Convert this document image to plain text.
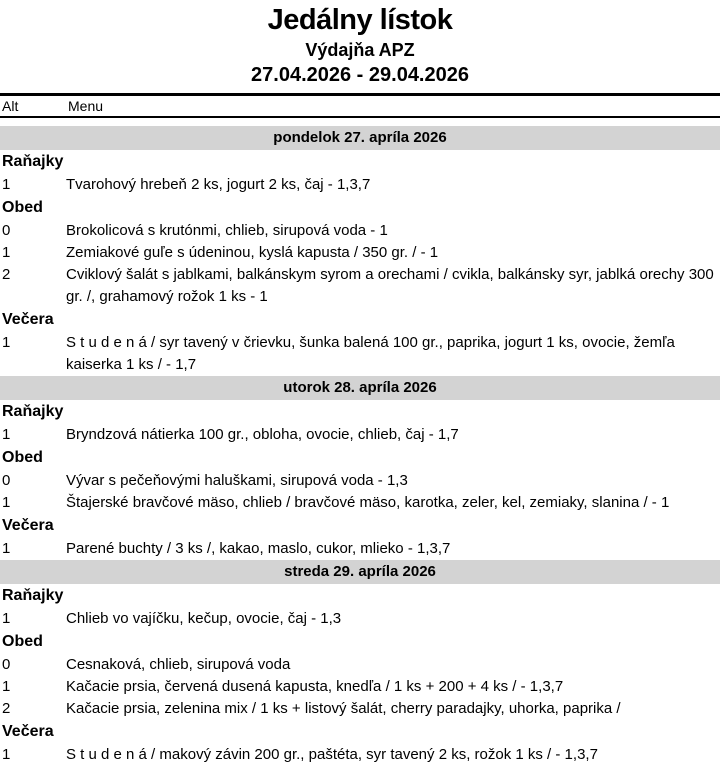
Jedálny lístok
Výdajňa APZ
27.04.2026 - 29.04.2026
Alt	Menu
pondelok 27. apríla 2026
Raňajky
1	Tvarohový hrebeň 2 ks, jogurt 2 ks, čaj - 1,3,7
Obed
0	Brokolicová s krutónmi, chlieb, sirupová voda - 1
1	Zemiakové guľe s údeninou, kyslá kapusta / 350 gr. / - 1
2	Cviklový šalát s jablkami, balkánskym syrom a orechami / cvikla, balkánsky syr, jablká orechy 300 gr. /, grahamový rožok 1 ks - 1
Večera
1	S t u d e n á / syr tavený v črievku, šunka balená 100 gr., paprika, jogurt 1 ks, ovocie, žemľa kaiserka 1 ks / - 1,7
utorok 28. apríla 2026
Raňajky
1	Bryndzová nátierka 100 gr., obloha, ovocie, chlieb, čaj - 1,7
Obed
0	Vývar s pečeňovými haluškami, sirupová voda - 1,3
1	Štajerské bravčové mäso, chlieb / bravčové mäso, karotka, zeler, kel, zemiaky, slanina / - 1
Večera
1	Parené buchty / 3 ks /, kakao, maslo, cukor, mlieko - 1,3,7
streda 29. apríla 2026
Raňajky
1	Chlieb vo vajíčku, kečup, ovocie, čaj - 1,3
Obed
0	Cesnaková, chlieb, sirupová voda
1	Kačacie prsia, červená dusená kapusta, knedľa / 1 ks + 200 + 4 ks / - 1,3,7
2	Kačacie prsia, zelenina mix / 1 ks + listový šalát, cherry paradajky, uhorka, paprika /
Večera
1	S t u d e n á / makový závin 200 gr., paštéta, syr tavený 2 ks, rožok 1 ks / - 1,3,7
